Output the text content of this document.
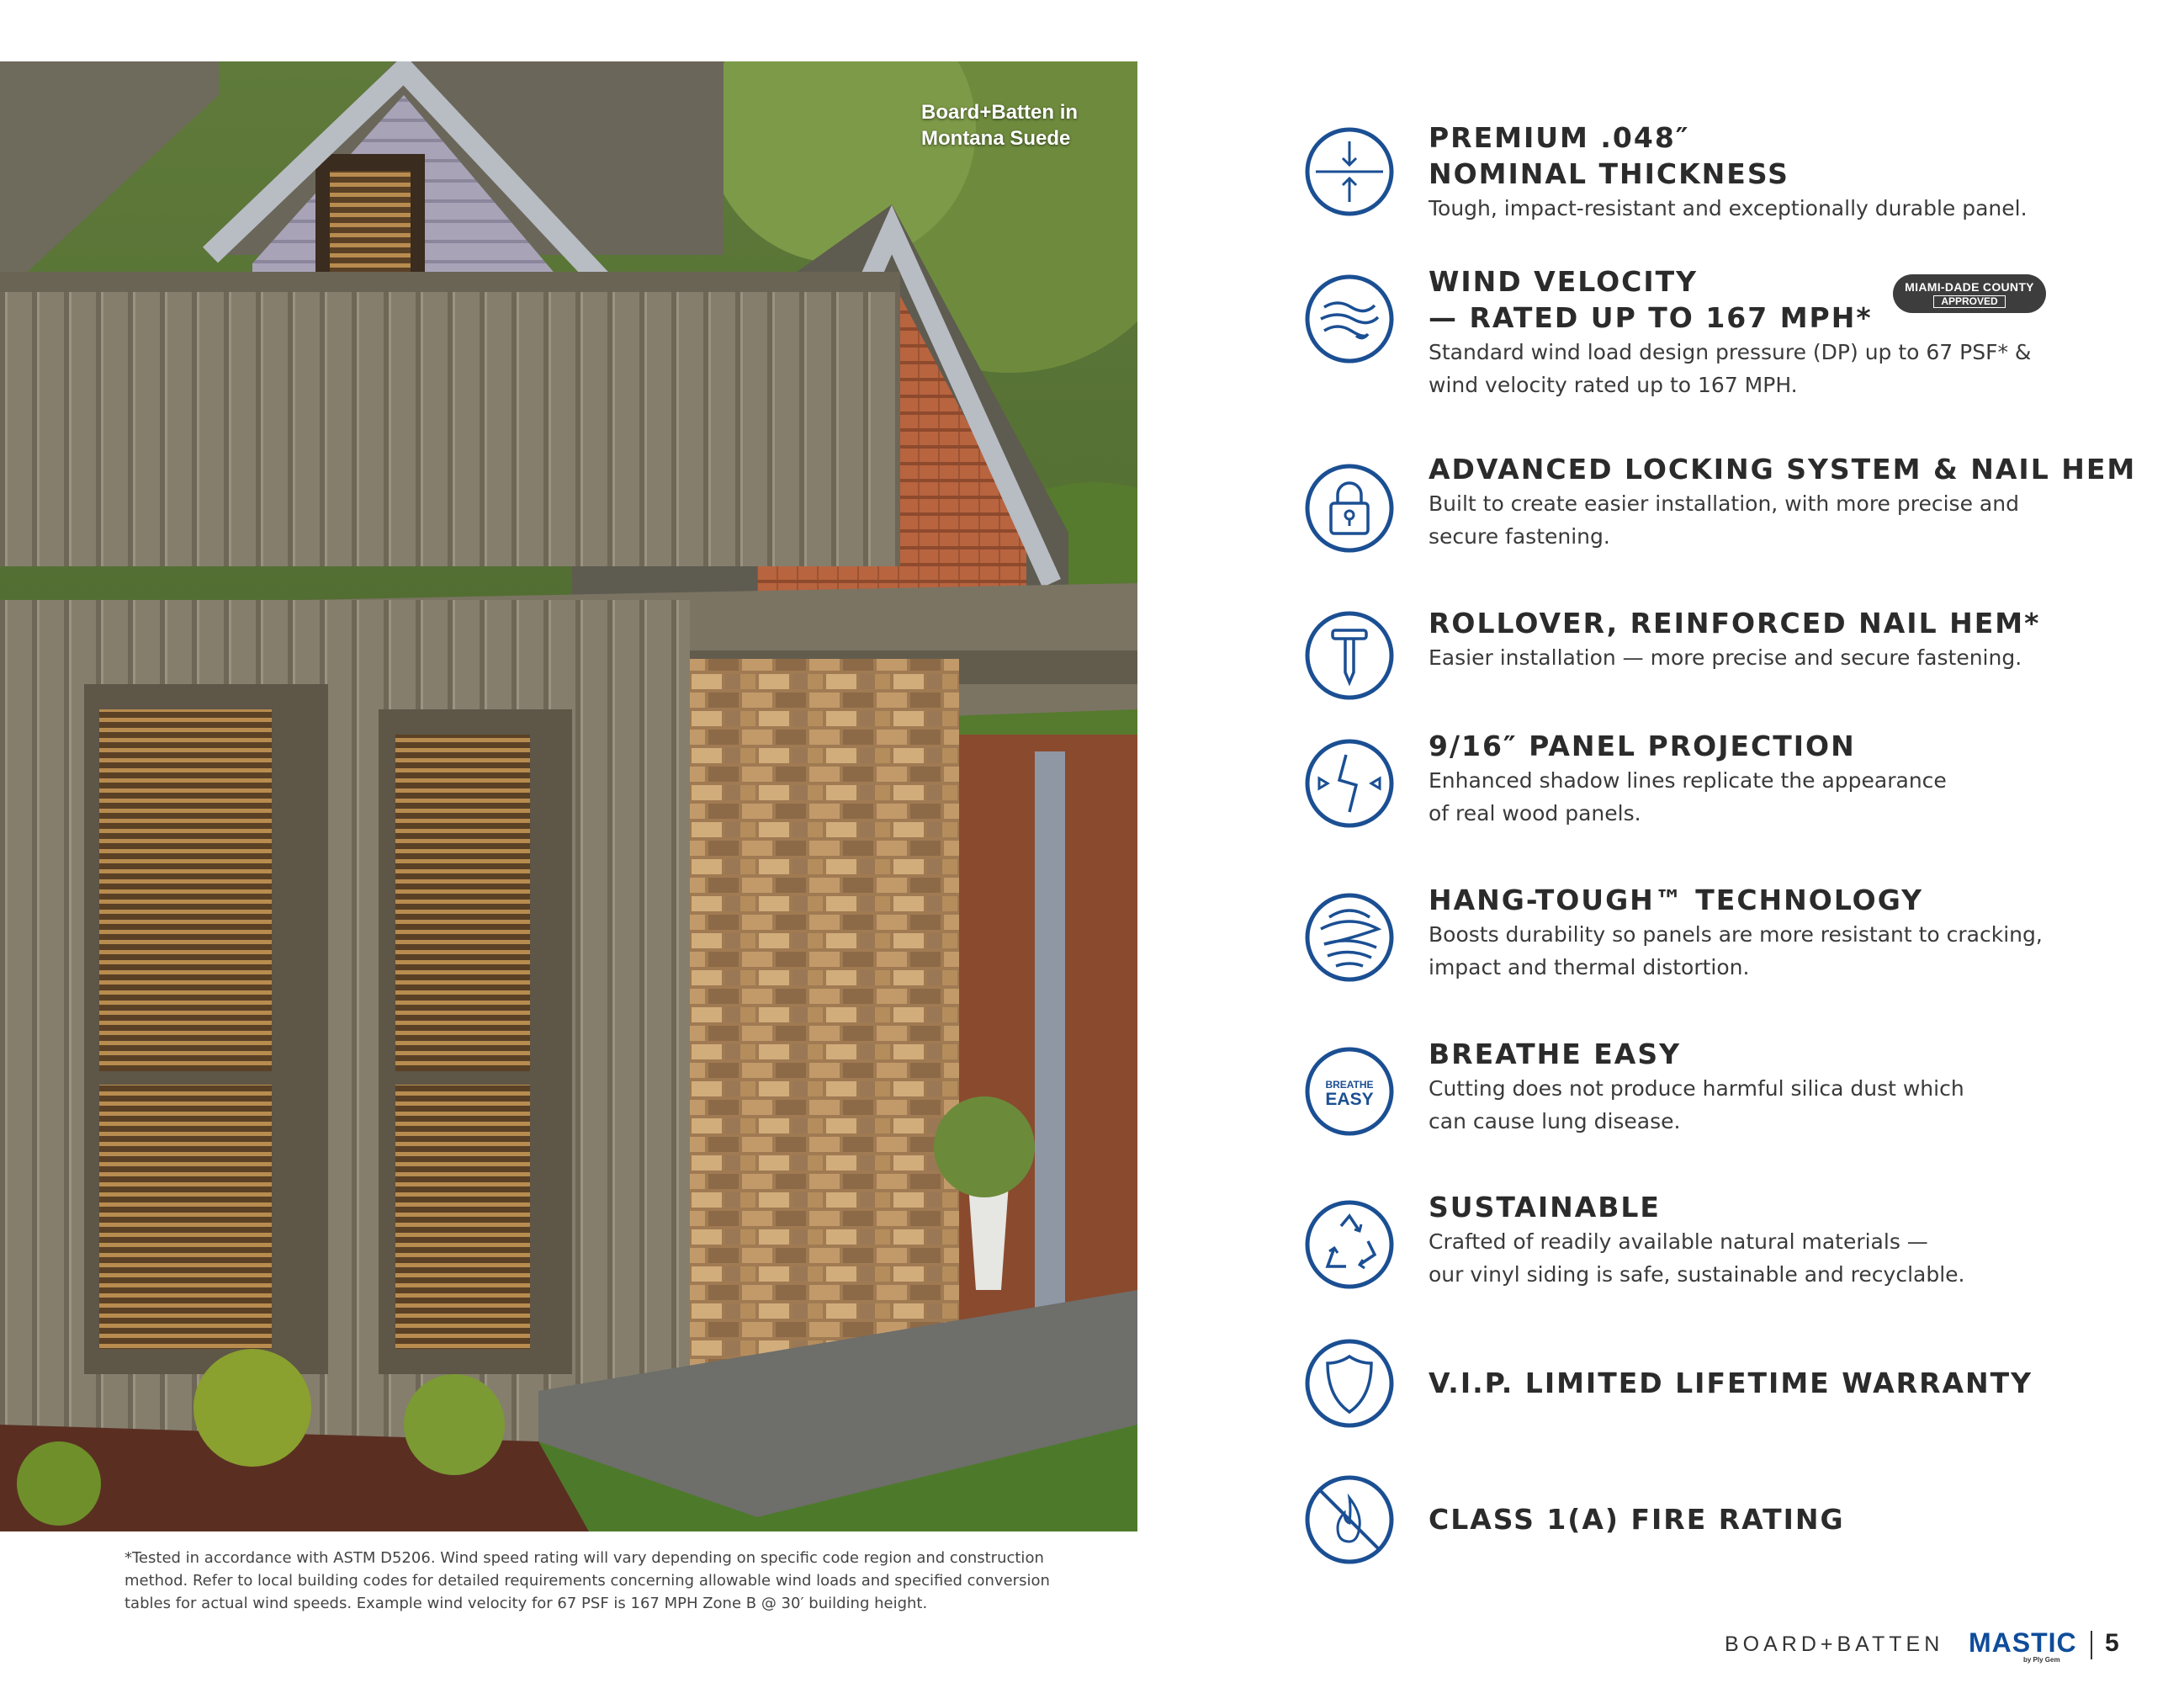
Board+Batten in Montana Suede	PREMIUM .048″

NOMINAL THICKNESS

Tough, impact-resistant and exceptionally durable panel.

WIND VELOCITY

— RATED UP TO 167 MPH*

Standard wind load design pressure (DP) up to 67 PSF* &

wind velocity rated up to 167 MPH.

MIAMI-DADE COUNTY
APPROVED

ADVANCED LOCKING SYSTEM & NAIL HEM

Built to create easier installation, with more precise and

secure fastening.

ROLLOVER, REINFORCED NAIL HEM*

Easier installation — more precise and secure fastening.

9/16″ PANEL PROJECTION

Enhanced shadow lines replicate the appearance

of real wood panels.

HANG-TOUGH™ TECHNOLOGY

Boosts durability so panels are more resistant to cracking,

impact and thermal distortion.

BREATHE
EASY

BREATHE EASY

Cutting does not produce harmful silica dust which

can cause lung disease.

SUSTAINABLE

Crafted of readily available natural materials —

our vinyl siding is safe, sustainable and recyclable.

V.I.P. LIMITED LIFETIME WARRANTY

CLASS 1(A) FIRE RATING

*Tested in accordance with ASTM D5206. Wind speed rating will vary depending on specific code region and construction
method. Refer to local building codes for detailed requirements concerning allowable wind loads and specified conversion
tables for actual wind speeds. Example wind velocity for 67 PSF is 167 MPH Zone B @ 30′ building height.
BOARD+BATTEN MASTIC
by Ply Gem
5
